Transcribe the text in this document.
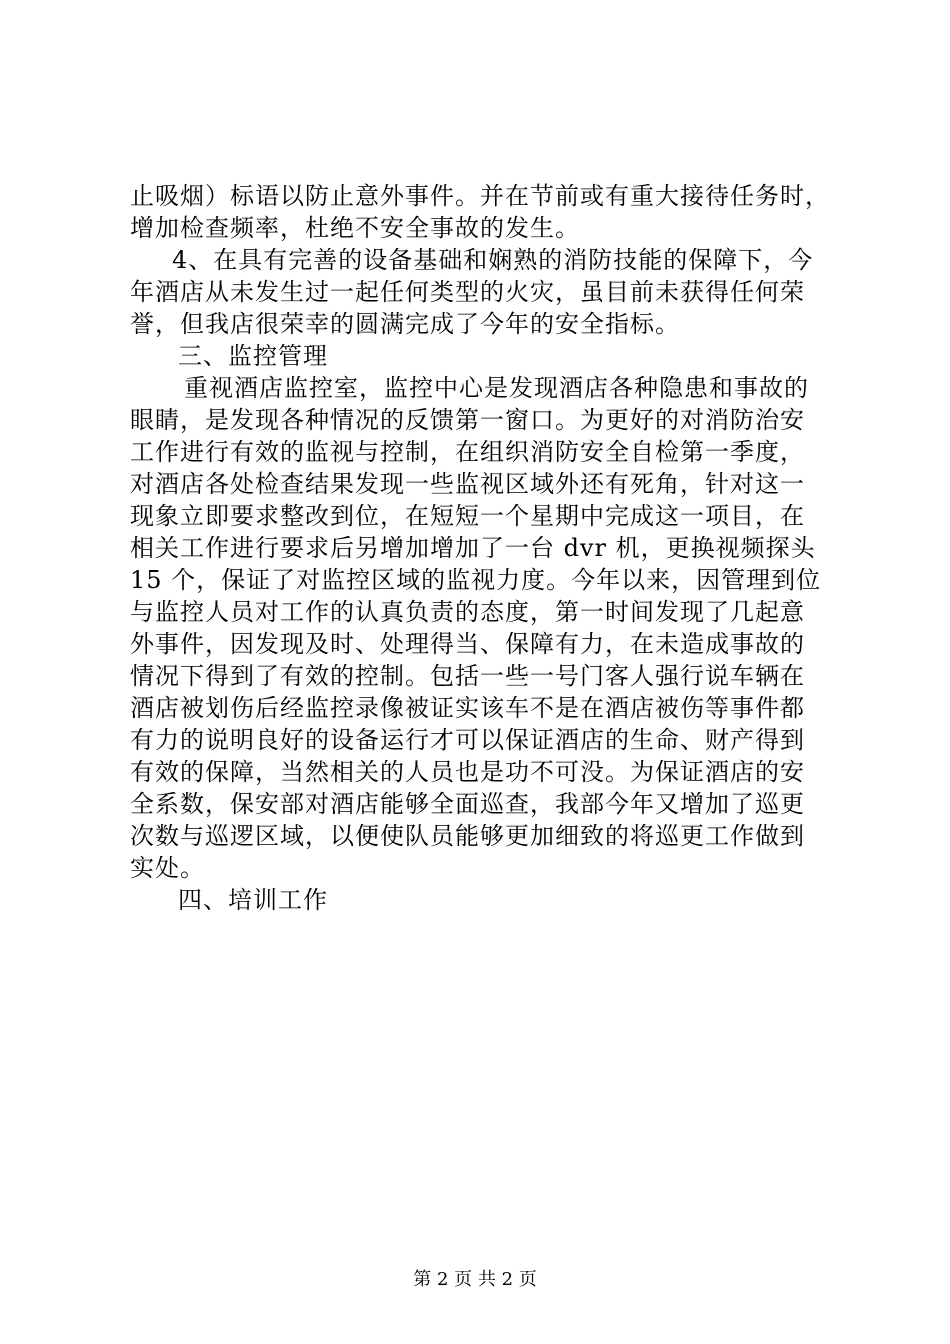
止吸烟）标语以防止意外事件。并在节前或有重大接待任务时，
增加检查频率，杜绝不安全事故的发生。
4、在具有完善的设备基础和娴熟的消防技能的保障下，今
年酒店从未发生过一起任何类型的火灾，虽目前未获得任何荣
誉，但我店很荣幸的圆满完成了今年的安全指标。
三、监控管理
重视酒店监控室，监控中心是发现酒店各种隐患和事故的
眼睛，是发现各种情况的反馈第一窗口。为更好的对消防治安
工作进行有效的监视与控制，在组织消防安全自检第一季度，
对酒店各处检查结果发现一些监视区域外还有死角，针对这一
现象立即要求整改到位，在短短一个星期中完成这一项目，在
相关工作进行要求后另增加增加了一台 dvr 机，更换视频探头
15 个，保证了对监控区域的监视力度。今年以来，因管理到位
与监控人员对工作的认真负责的态度，第一时间发现了几起意
外事件，因发现及时、处理得当、保障有力，在未造成事故的
情况下得到了有效的控制。包括一些一号门客人强行说车辆在
酒店被划伤后经监控录像被证实该车不是在酒店被伤等事件都
有力的说明良好的设备运行才可以保证酒店的生命、财产得到
有效的保障，当然相关的人员也是功不可没。为保证酒店的安
全系数，保安部对酒店能够全面巡查，我部今年又增加了巡更
次数与巡逻区域，以便使队员能够更加细致的将巡更工作做到
实处。
四、培训工作
第 2 页 共 2 页
